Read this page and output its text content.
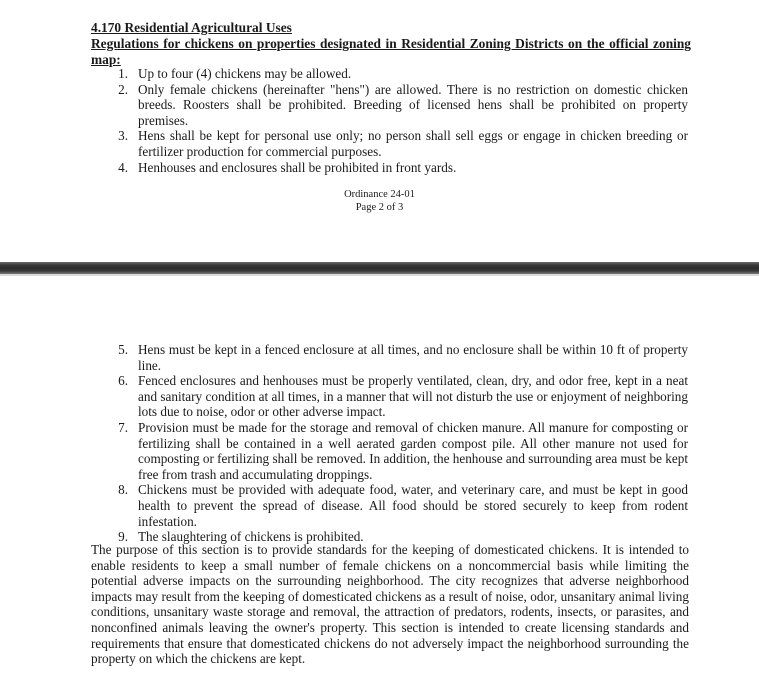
4.170 Residential Agricultural Uses
Regulations for chickens on properties designated in Residential Zoning Districts on the official zoning map:
1. Up to four (4) chickens may be allowed.
2. Only female chickens (hereinafter "hens") are allowed. There is no restriction on domestic chicken breeds. Roosters shall be prohibited. Breeding of licensed hens shall be prohibited on property premises.
3. Hens shall be kept for personal use only; no person shall sell eggs or engage in chicken breeding or fertilizer production for commercial purposes.
4. Henhouses and enclosures shall be prohibited in front yards.
Ordinance 24-01
Page 2 of 3
5. Hens must be kept in a fenced enclosure at all times, and no enclosure shall be within 10 ft of property line.
6. Fenced enclosures and henhouses must be properly ventilated, clean, dry, and odor free, kept in a neat and sanitary condition at all times, in a manner that will not disturb the use or enjoyment of neighboring lots due to noise, odor or other adverse impact.
7. Provision must be made for the storage and removal of chicken manure. All manure for composting or fertilizing shall be contained in a well aerated garden compost pile. All other manure not used for composting or fertilizing shall be removed. In addition, the henhouse and surrounding area must be kept free from trash and accumulating droppings.
8. Chickens must be provided with adequate food, water, and veterinary care, and must be kept in good health to prevent the spread of disease. All food should be stored securely to keep from rodent infestation.
9. The slaughtering of chickens is prohibited.

The purpose of this section is to provide standards for the keeping of domesticated chickens. It is intended to enable residents to keep a small number of female chickens on a noncommercial basis while limiting the potential adverse impacts on the surrounding neighborhood. The city recognizes that adverse neighborhood impacts may result from the keeping of domesticated chickens as a result of noise, odor, unsanitary animal living conditions, unsanitary waste storage and removal, the attraction of predators, rodents, insects, or parasites, and nonconfined animals leaving the owner's property. This section is intended to create licensing standards and requirements that ensure that domesticated chickens do not adversely impact the neighborhood surrounding the property on which the chickens are kept.
